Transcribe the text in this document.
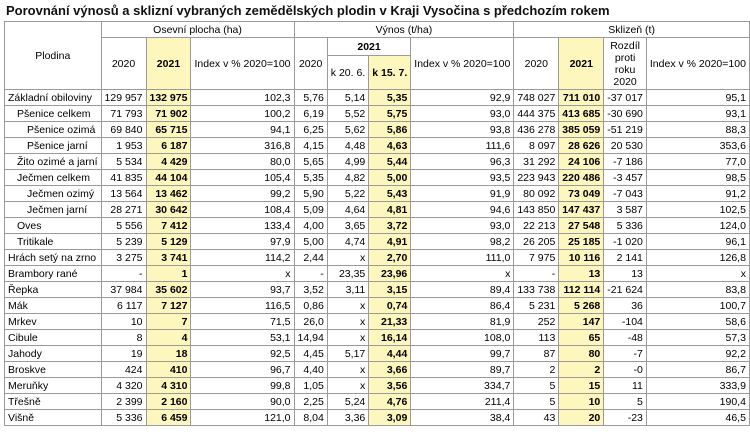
Porovnání výnosů a sklizní vybraných zemědělských plodin v Kraji Vysočina s předchozím rokem
Plodina	Osevní plocha (ha)			Výnos (t/ha)				Sklizeň (t)			
	2020	2021	Index v % 2020=100	2020	2021		Index v % 2020=100	2020	2021	Rozdíl proti roku 2020	Index v % 2020=100
					k 20. 6.	k 15. 7.					

Základní obiloviny	129 957	132 975	102,3	5,76	5,14	5,35	92,9	748 027	711 010	-37 017	95,1
Pšenice celkem	71 793	71 902	100,2	6,19	5,52	5,75	93,0	444 375	413 685	-30 690	93,1
Pšenice ozimá	69 840	65 715	94,1	6,25	5,62	5,86	93,8	436 278	385 059	-51 219	88,3
Pšenice jarní	1 953	6 187	316,8	4,15	4,48	4,63	111,6	8 097	28 626	20 530	353,6
Žito ozimé a jarní	5 534	4 429	80,0	5,65	4,99	5,44	96,3	31 292	24 106	-7 186	77,0
Ječmen celkem	41 835	44 104	105,4	5,35	4,82	5,00	93,5	223 943	220 486	-3 457	98,5
Ječmen ozimý	13 564	13 462	99,2	5,90	5,22	5,43	91,9	80 092	73 049	-7 043	91,2
Ječmen jarní	28 271	30 642	108,4	5,09	4,64	4,81	94,6	143 850	147 437	3 587	102,5
Oves	5 556	7 412	133,4	4,00	3,65	3,72	93,0	22 213	27 548	5 336	124,0
Tritikale	5 239	5 129	97,9	5,00	4,74	4,91	98,2	26 205	25 185	-1 020	96,1
Hrách setý na zrno	3 275	3 741	114,2	2,44	x	2,70	111,0	7 975	10 116	2 141	126,8
Brambory rané	-	1	x	-	23,35	23,96	x	-	13	13	x
Řepka	37 984	35 602	93,7	3,52	3,11	3,15	89,4	133 738	112 114	-21 624	83,8
Mák	6 117	7 127	116,5	0,86	x	0,74	86,4	5 231	5 268	36	100,7
Mrkev	10	7	71,5	26,0	x	21,33	81,9	252	147	-104	58,6
Cibule	8	4	53,1	14,94	x	16,14	108,0	113	65	-48	57,3
Jahody	19	18	92,5	4,45	5,17	4,44	99,7	87	80	-7	92,2
Broskve	424	410	96,7	4,40	x	3,66	89,7	2	2	-0	86,7
Meruňky	4 320	4 310	99,8	1,05	x	3,56	334,7	5	15	11	333,9
Třešně	2 399	2 160	90,0	2,25	5,24	4,76	211,4	5	10	5	190,4
Višně	5 336	6 459	121,0	8,04	3,36	3,09	38,4	43	20	-23	46,5
